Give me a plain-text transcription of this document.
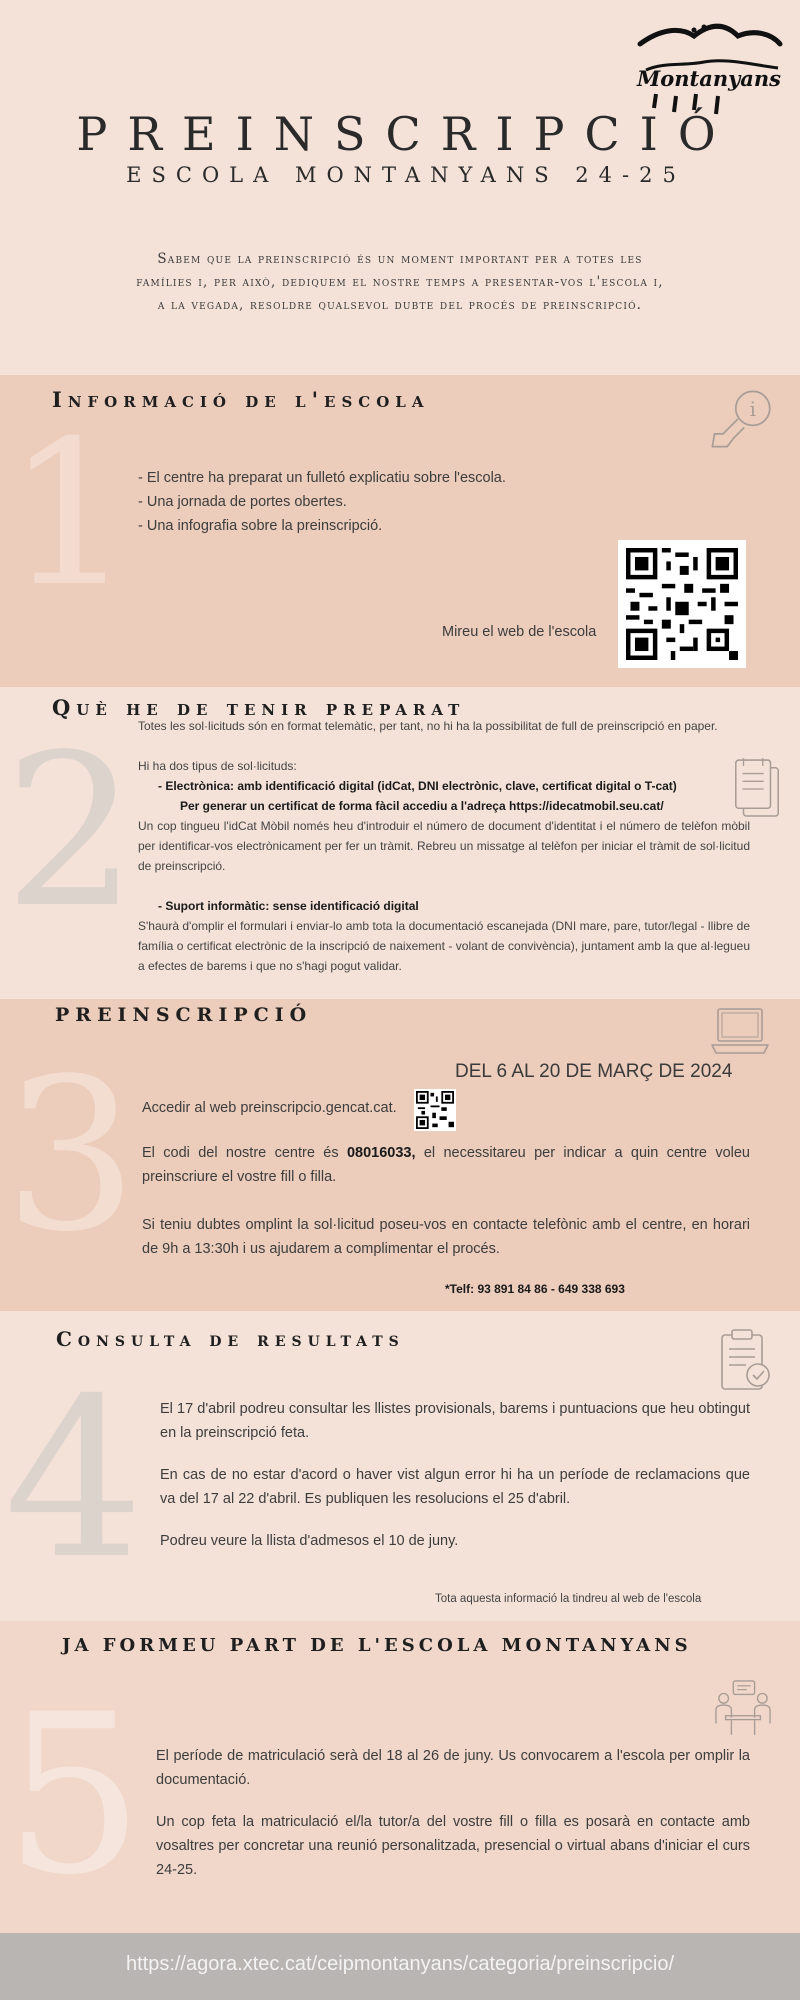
Montanyans
PREINSCRIPCIÓ
ESCOLA MONTANYANS 24-25
Sabem que la preinscripció és un moment important per a totes les
famílies i, per això, dediquem el nostre temps a presentar-vos l'escola i,
a la vegada, resoldre qualsevol dubte del procés de preinscripció.
1
Informació de l'escola	i
- El centre ha preparat un fulletó explicatiu sobre l'escola.
- Una jornada de portes obertes.
- Una infografia sobre la preinscripció.
Mireu el web de l'escola
2
Què he de tenir preparat
Totes les sol·licituds són en format telemàtic, per tant, no hi ha la possibilitat de full de preinscripció en paper.
Hi ha dos tipus de sol·licituds:
- Electrònica: amb identificació digital (idCat, DNI electrònic, clave, certificat digital o T-cat)
Per generar un certificat de forma fàcil accediu a l'adreça https://idecatmobil.seu.cat/
Un cop tingueu l'idCat Mòbil només heu d'introduir el número de document d'identitat i el número de telèfon mòbil per identificar-vos electrònicament per fer un tràmit. Rebreu un missatge al telèfon per iniciar el tràmit de sol·licitud de preinscripció.
- Suport informàtic: sense identificació digital
S'haurà d'omplir el formulari i enviar-lo amb tota la documentació escanejada (DNI mare, pare, tutor/legal - llibre de família o certificat electrònic de la inscripció de naixement - volant de convivència), juntament amb la que al·legueu a efectes de barems i que no s'hagi pogut validar.
3
PREINSCRIPCIÓ
DEL 6 AL 20 DE MARÇ DE 2024
Accedir al web preinscripcio.gencat.cat.
El codi del nostre centre és 08016033, el necessitareu per indicar a quin centre voleu preinscriure el vostre fill o filla.
Si teniu dubtes omplint la sol·licitud poseu-vos en contacte telefònic amb el centre, en horari de 9h a 13:30h i us ajudarem a complimentar el procés.
*Telf: 93 891 84 86 - 649 338 693
4
Consulta de resultats
El 17 d'abril podreu consultar les llistes provisionals, barems i puntuacions que heu obtingut en la preinscripció feta.
En cas de no estar d'acord o haver vist algun error hi ha un període de reclamacions que va del 17 al 22 d'abril. Es publiquen les resolucions el 25 d'abril.
Podreu veure la llista d'admesos el 10 de juny.
Tota aquesta informació la tindreu al web de l'escola
5
JA FORMEU PART DE L'ESCOLA MONTANYANS
El període de matriculació serà del 18 al 26 de juny. Us convocarem a l'escola per omplir la documentació.
Un cop feta la matriculació el/la tutor/a del vostre fill o filla es posarà en contacte amb vosaltres per concretar una reunió personalitzada, presencial o virtual abans d'iniciar el curs 24-25.
https://agora.xtec.cat/ceipmontanyans/categoria/preinscripcio/
